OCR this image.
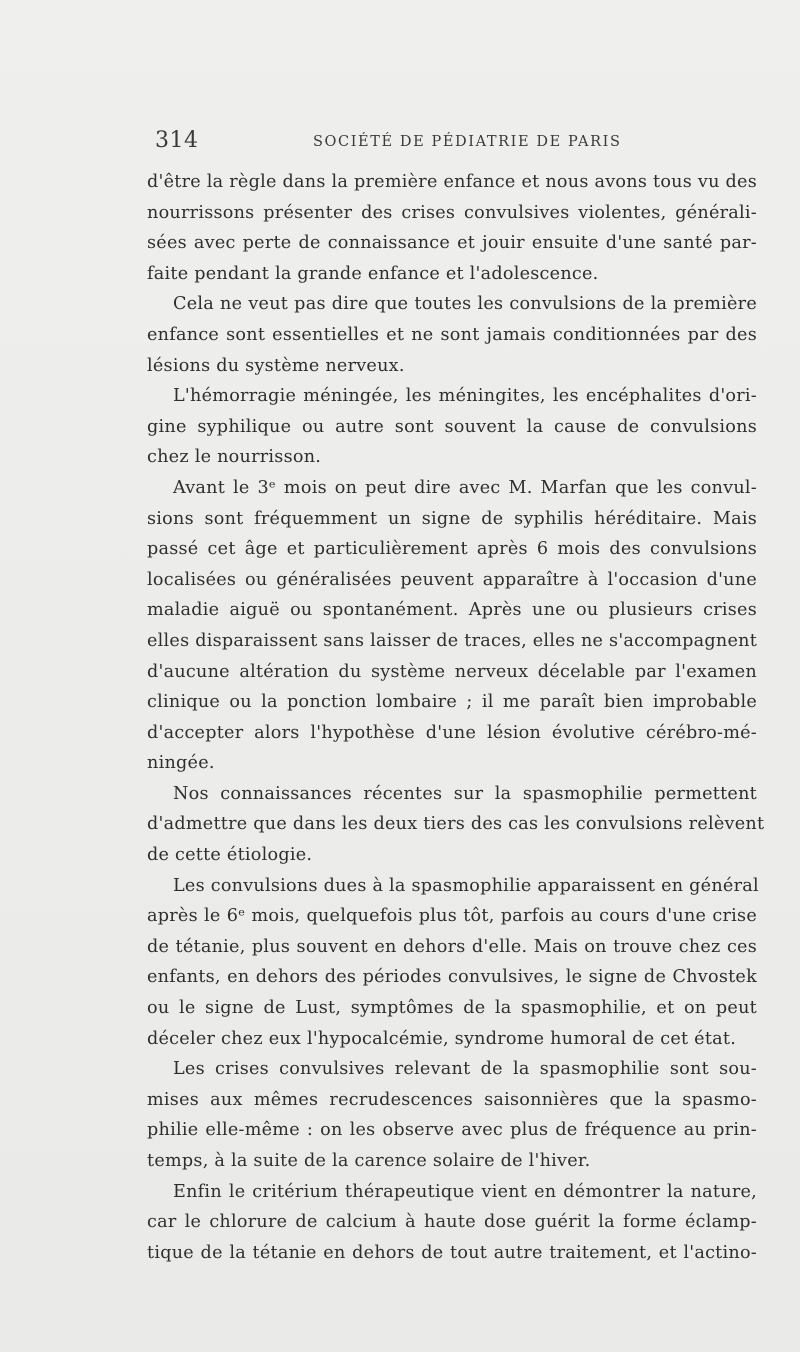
314	SOCIÉTÉ DE PÉDIATRIE DE PARIS
d'être la règle dans la première enfance et nous avons tous vu des
nourrissons présenter des crises convulsives violentes, générali-
sées avec perte de connaissance et jouir ensuite d'une santé par-
faite pendant la grande enfance et l'adolescence.
Cela ne veut pas dire que toutes les convulsions de la première
enfance sont essentielles et ne sont jamais conditionnées par des
lésions du système nerveux.
L'hémorragie méningée, les méningites, les encéphalites d'ori-
gine syphilique ou autre sont souvent la cause de convulsions
chez le nourrisson.
Avant le 3ᵉ mois on peut dire avec M. Marfan que les convul-
sions sont fréquemment un signe de syphilis héréditaire. Mais
passé cet âge et particulièrement après 6 mois des convulsions
localisées ou généralisées peuvent apparaître à l'occasion d'une
maladie aiguë ou spontanément. Après une ou plusieurs crises
elles disparaissent sans laisser de traces, elles ne s'accompagnent
d'aucune altération du système nerveux décelable par l'examen
clinique ou la ponction lombaire ; il me paraît bien improbable
d'accepter alors l'hypothèse d'une lésion évolutive cérébro-mé-
ningée.
Nos connaissances récentes sur la spasmophilie permettent
d'admettre que dans les deux tiers des cas les convulsions relèvent
de cette étiologie.
Les convulsions dues à la spasmophilie apparaissent en général
après le 6ᵉ mois, quelquefois plus tôt, parfois au cours d'une crise
de tétanie, plus souvent en dehors d'elle. Mais on trouve chez ces
enfants, en dehors des périodes convulsives, le signe de Chvostek
ou le signe de Lust, symptômes de la spasmophilie, et on peut
déceler chez eux l'hypocalcémie, syndrome humoral de cet état.
Les crises convulsives relevant de la spasmophilie sont sou-
mises aux mêmes recrudescences saisonnières que la spasmo-
philie elle-même : on les observe avec plus de fréquence au prin-
temps, à la suite de la carence solaire de l'hiver.
Enfin le critérium thérapeutique vient en démontrer la nature,
car le chlorure de calcium à haute dose guérit la forme éclamp-
tique de la tétanie en dehors de tout autre traitement, et l'actino-
